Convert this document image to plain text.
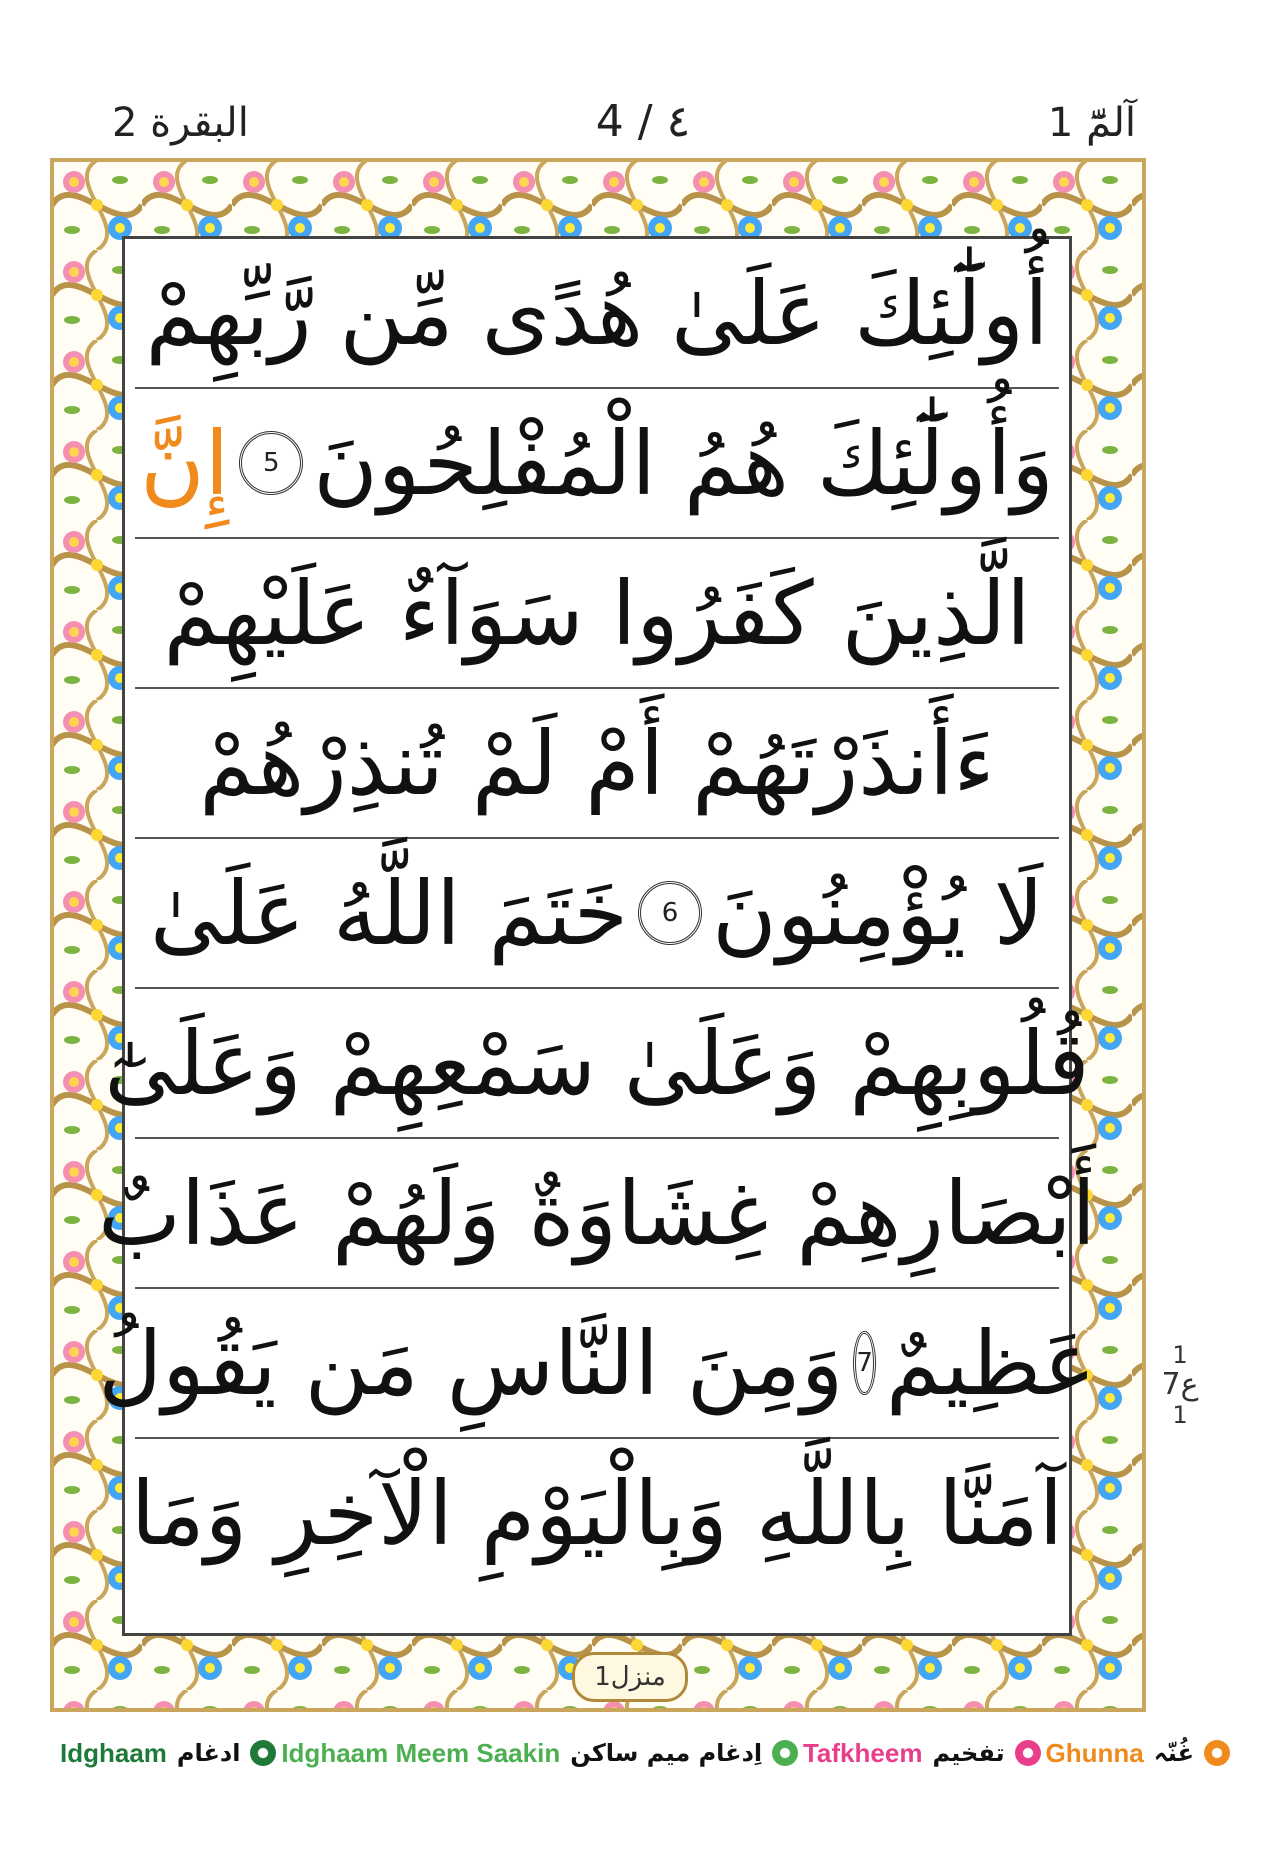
البقرة 2	4 / ٤	آلمّٓ 1
أُولَٰٓئِكَ عَلَىٰ هُدًى مِّن رَّبِّهِمْ
وَأُولَٰٓئِكَ هُمُ الْمُفْلِحُونَ
5
إِنَّ
الَّذِينَ كَفَرُوا سَوَآءٌ عَلَيْهِمْ
ءَأَنذَرْتَهُمْ أَمْ لَمْ تُنذِرْهُمْ
لَا يُؤْمِنُونَ
6
خَتَمَ اللَّهُ عَلَىٰ
قُلُوبِهِمْ وَعَلَىٰ سَمْعِهِمْ وَعَلَىٰٓ
أَبْصَارِهِمْ غِشَاوَةٌ وَلَهُمْ عَذَابٌ
عَظِيمٌ
7
وَمِنَ النَّاسِ مَن يَقُولُ
آمَنَّا بِاللَّهِ وَبِالْيَوْمِ الْآخِرِ وَمَا
منزل1
1
ع7
1
Idghaam ادغام Idghaam Meem Saakin اِدغام میم ساکن Tafkheem تفخیم Ghunna غُنّہ
